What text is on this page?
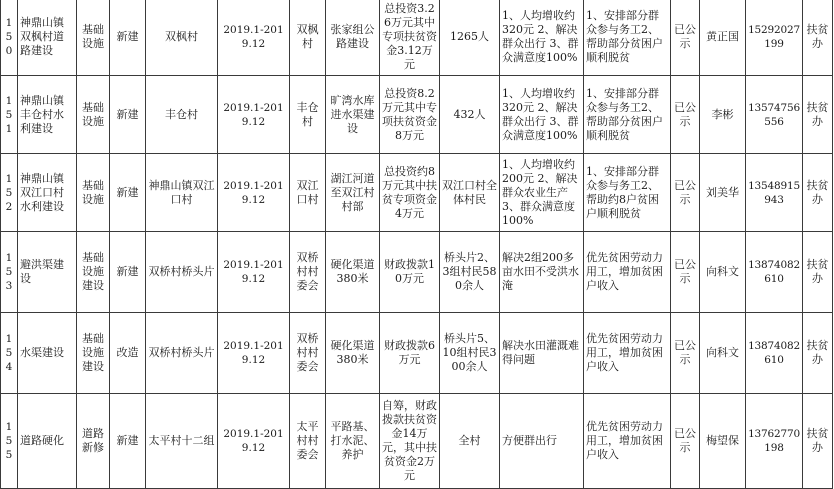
150	神鼎山镇双枫村道路建设	基础设施	新建	双枫村	2019.1-2019.12	双枫村	张家组公路建设	总投资3.26万元其中专项扶贫资金3.12万元	1265人	1、人均增收约320元 2、解决群众出行 3、群众满意度100%	1、安排部分群众参与务工2、帮助部分贫困户顺利脱贫	已公示	黄正国	15292027199	扶贫办
151	神鼎山镇丰仓村水利建设	基础设施	新建	丰仓村	2019.1-2019.12	丰仓村	旷湾水库进水渠建设	总投资8.2万元其中专项扶贫资金8万元	432人	1、人均增收约320元 2、解决群众出行 3、群众满意度100%	1、安排部分群众参与务工2、帮助部分贫困户顺利脱贫	已公示	李彬	13574756556	扶贫办
152	神鼎山镇双江口村水利建设	基础设施	新建	神鼎山镇双江口村	2019.1-2019.12	双江口村	湖江河道至双江村村部	总投资约8万元其中扶贫专项资金4万元	双江口村全体村民	1、人均增收约200元 2、解决群众农业生产 3、群众满意度100%	1、安排部分群众参与务工2、帮助约8户贫困户顺利脱贫	已公示	刘美华	13548915943	扶贫办
153	避洪渠建设	基础设施建设	新建	双桥村桥头片	2019.1-2019.12	双桥村村委会	硬化渠道380米	财政拨款10万元	桥头片2、3组村民580余人	解决2组200多亩水田不受洪水淹	优先贫困劳动力用工，增加贫困户收入	已公示	向科文	13874082610	扶贫办
154	水渠建设	基础设施建设	改造	双桥村桥头片	2019.1-2019.12	双桥村村委会	硬化渠道380米	财政拨款6万元	桥头片5、10组村民300余人	解决水田灌溉难得问题	优先贫困劳动力用工，增加贫困户收入	已公示	向科文	13874082610	扶贫办
155	道路硬化	道路新修	新建	太平村十二组	2019.1-2019.12	太平村村委会	平路基、打水泥、养护	自筹，财政拨款扶贫资金14万元，其中扶贫资金2万元	全村	方便群出行	优先贫困劳动力用工，增加贫困户收入	已公示	梅望保	13762770198	扶贫办
